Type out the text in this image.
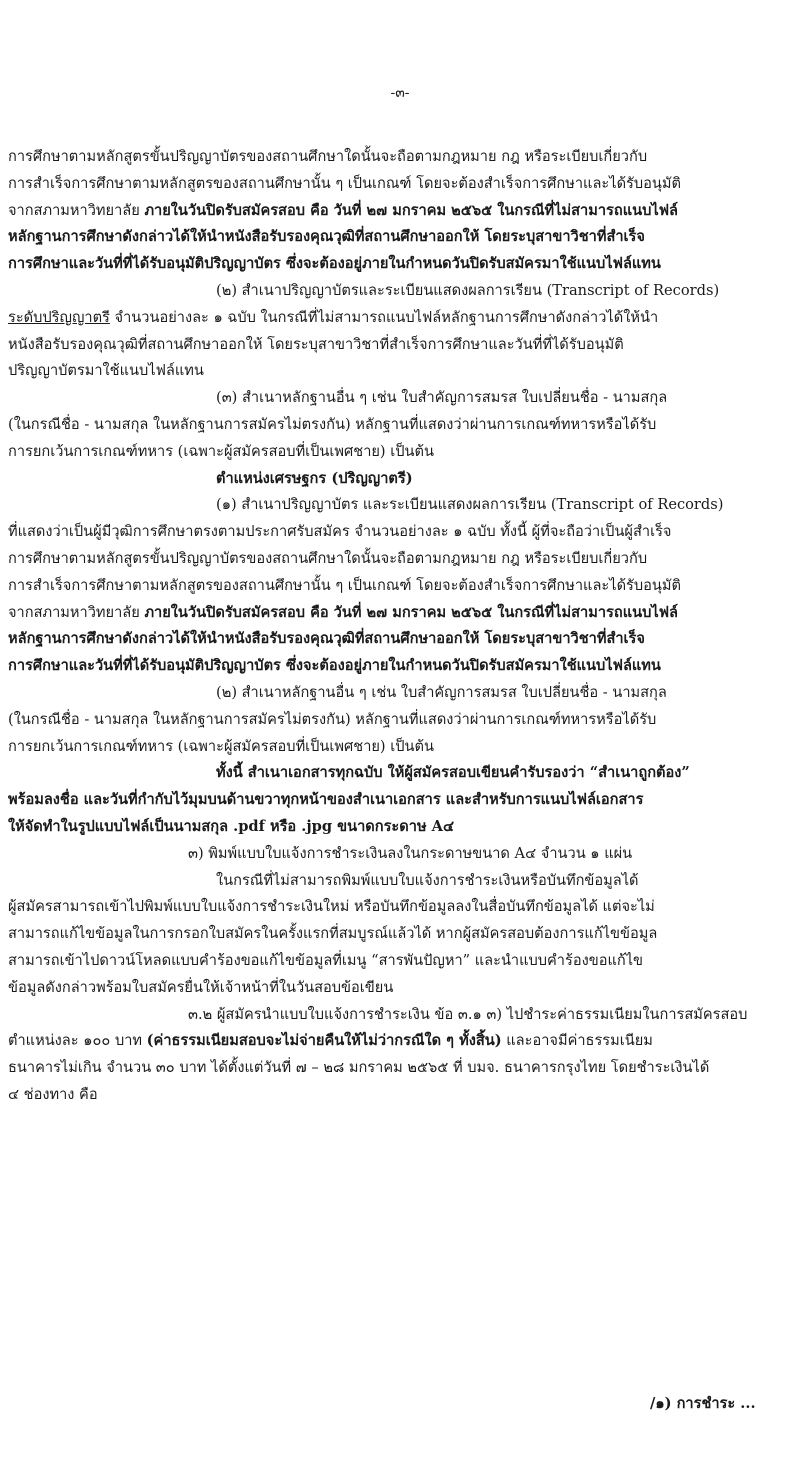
-๓-
การศึกษาตามหลักสูตรขั้นปริญญาบัตรของสถานศึกษาใดนั้นจะถือตามกฎหมาย กฎ หรือระเบียบเกี่ยวกับ
การสำเร็จการศึกษาตามหลักสูตรของสถานศึกษานั้น ๆ เป็นเกณฑ์ โดยจะต้องสำเร็จการศึกษาและได้รับอนุมัติ
จากสภามหาวิทยาลัย ภายในวันปิดรับสมัครสอบ คือ วันที่ ๒๗ มกราคม ๒๕๖๕ ในกรณีที่ไม่สามารถแนบไฟล์
หลักฐานการศึกษาดังกล่าวได้ให้นำหนังสือรับรองคุณวุฒิที่สถานศึกษาออกให้ โดยระบุสาขาวิชาที่สำเร็จ
การศึกษาและวันที่ที่ได้รับอนุมัติปริญญาบัตร ซึ่งจะต้องอยู่ภายในกำหนดวันปิดรับสมัครมาใช้แนบไฟล์แทน
(๒) สำเนาปริญญาบัตรและระเบียนแสดงผลการเรียน (Transcript of Records)
ระดับปริญญาตรี จำนวนอย่างละ ๑ ฉบับ ในกรณีที่ไม่สามารถแนบไฟล์หลักฐานการศึกษาดังกล่าวได้ให้นำ
หนังสือรับรองคุณวุฒิที่สถานศึกษาออกให้ โดยระบุสาขาวิชาที่สำเร็จการศึกษาและวันที่ที่ได้รับอนุมัติ
ปริญญาบัตรมาใช้แนบไฟล์แทน
(๓) สำเนาหลักฐานอื่น ๆ เช่น ใบสำคัญการสมรส ใบเปลี่ยนชื่อ - นามสกุล
(ในกรณีชื่อ - นามสกุล ในหลักฐานการสมัครไม่ตรงกัน) หลักฐานที่แสดงว่าผ่านการเกณฑ์ทหารหรือได้รับ
การยกเว้นการเกณฑ์ทหาร (เฉพาะผู้สมัครสอบที่เป็นเพศชาย) เป็นต้น
ตำแหน่งเศรษฐกร (ปริญญาตรี)
(๑) สำเนาปริญญาบัตร และระเบียนแสดงผลการเรียน (Transcript of Records)
ที่แสดงว่าเป็นผู้มีวุฒิการศึกษาตรงตามประกาศรับสมัคร จำนวนอย่างละ ๑ ฉบับ ทั้งนี้ ผู้ที่จะถือว่าเป็นผู้สำเร็จ
การศึกษาตามหลักสูตรขั้นปริญญาบัตรของสถานศึกษาใดนั้นจะถือตามกฎหมาย กฎ หรือระเบียบเกี่ยวกับ
การสำเร็จการศึกษาตามหลักสูตรของสถานศึกษานั้น ๆ เป็นเกณฑ์ โดยจะต้องสำเร็จการศึกษาและได้รับอนุมัติ
จากสภามหาวิทยาลัย ภายในวันปิดรับสมัครสอบ คือ วันที่ ๒๗ มกราคม ๒๕๖๕ ในกรณีที่ไม่สามารถแนบไฟล์
หลักฐานการศึกษาดังกล่าวได้ให้นำหนังสือรับรองคุณวุฒิที่สถานศึกษาออกให้ โดยระบุสาขาวิชาที่สำเร็จ
การศึกษาและวันที่ที่ได้รับอนุมัติปริญญาบัตร ซึ่งจะต้องอยู่ภายในกำหนดวันปิดรับสมัครมาใช้แนบไฟล์แทน
(๒) สำเนาหลักฐานอื่น ๆ เช่น ใบสำคัญการสมรส ใบเปลี่ยนชื่อ - นามสกุล
(ในกรณีชื่อ - นามสกุล ในหลักฐานการสมัครไม่ตรงกัน) หลักฐานที่แสดงว่าผ่านการเกณฑ์ทหารหรือได้รับ
การยกเว้นการเกณฑ์ทหาร (เฉพาะผู้สมัครสอบที่เป็นเพศชาย) เป็นต้น
ทั้งนี้ สำเนาเอกสารทุกฉบับ ให้ผู้สมัครสอบเขียนคำรับรองว่า “สำเนาถูกต้อง”
พร้อมลงชื่อ และวันที่กำกับไว้มุมบนด้านขวาทุกหน้าของสำเนาเอกสาร และสำหรับการแนบไฟล์เอกสาร
ให้จัดทำในรูปแบบไฟล์เป็นนามสกุล .pdf หรือ .jpg ขนาดกระดาษ A๔
๓) พิมพ์แบบใบแจ้งการชำระเงินลงในกระดาษขนาด A๔ จำนวน ๑ แผ่น
ในกรณีที่ไม่สามารถพิมพ์แบบใบแจ้งการชำระเงินหรือบันทึกข้อมูลได้
ผู้สมัครสามารถเข้าไปพิมพ์แบบใบแจ้งการชำระเงินใหม่ หรือบันทึกข้อมูลลงในสื่อบันทึกข้อมูลได้ แต่จะไม่
สามารถแก้ไขข้อมูลในการกรอกใบสมัครในครั้งแรกที่สมบูรณ์แล้วได้ หากผู้สมัครสอบต้องการแก้ไขข้อมูล
สามารถเข้าไปดาวน์โหลดแบบคำร้องขอแก้ไขข้อมูลที่เมนู “สารพันปัญหา” และนำแบบคำร้องขอแก้ไข
ข้อมูลดังกล่าวพร้อมใบสมัครยื่นให้เจ้าหน้าที่ในวันสอบข้อเขียน
๓.๒ ผู้สมัครนำแบบใบแจ้งการชำระเงิน ข้อ ๓.๑ ๓) ไปชำระค่าธรรมเนียมในการสมัครสอบ
ตำแหน่งละ ๑๐๐ บาท (ค่าธรรมเนียมสอบจะไม่จ่ายคืนให้ไม่ว่ากรณีใด ๆ ทั้งสิ้น) และอาจมีค่าธรรมเนียม
ธนาคารไม่เกิน จำนวน ๓๐ บาท ได้ตั้งแต่วันที่ ๗ – ๒๘ มกราคม ๒๕๖๕ ที่ บมจ. ธนาคารกรุงไทย โดยชำระเงินได้
๔ ช่องทาง คือ
/๑) การชำระ ...
